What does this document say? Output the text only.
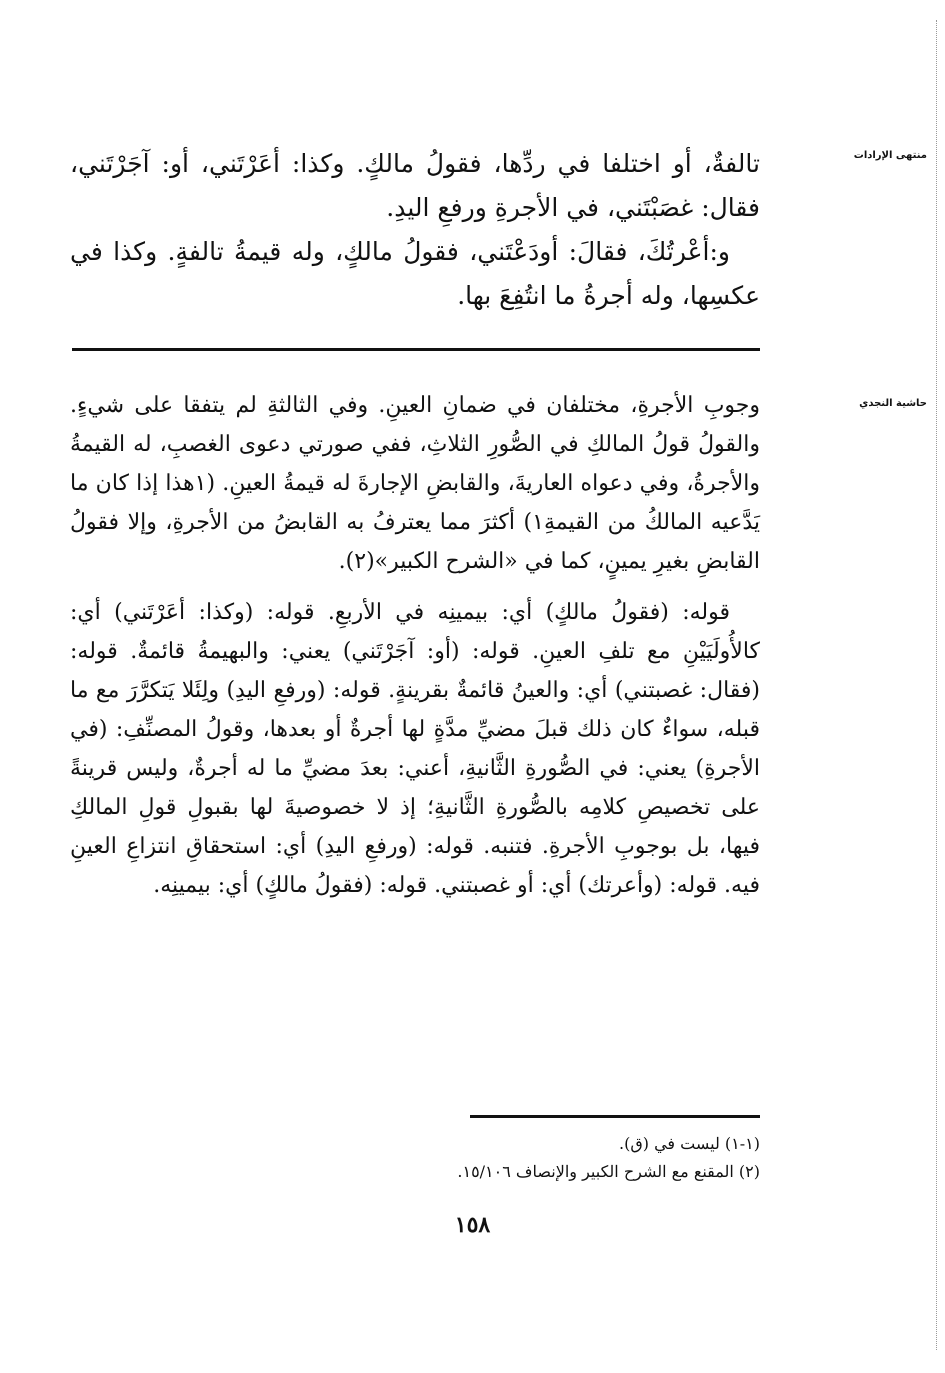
منتهى الإرادات

تالفةٌ، أو اختلفا في ردِّها، فقولُ مالكٍ. وكذا: أعَرْتَني، أو: آجَرْتَني، فقال: غصَبْتَني، في الأجرةِ ورفعِ اليدِ.

و:أعْرتُكَ، فقالَ: أودَعْتَني، فقولُ مالكٍ، وله قيمةُ تالفةٍ. وكذا في عكسِها، وله أجرةُ ما انتُفِعَ بها.

حاشية النجدي

وجوبِ الأجرةِ، مختلفان في ضمانِ العينِ. وفي الثالثةِ لم يتفقا على شيءٍ. والقولُ قولُ المالكِ في الصُّورِ الثلاثِ، ففي صورتي دعوى الغصبِ، له القيمةُ والأجرةُ، وفي دعواه العاريةَ، والقابضِ الإجارةَ له قيمةُ العينِ. (١هذا إذا كان ما يَدَّعيه المالكُ من القيمةِ١) أكثرَ مما يعترفُ به القابضُ من الأجرةِ، وإلا فقولُ القابضِ بغيرِ يمينٍ، كما في «الشرح الكبير»(٢).

قوله: (فقولُ مالكٍ) أي: بيمينِه في الأربعِ. قوله: (وكذا: أعَرْتَني) أي: كالأُولَيَيْنِ مع تلفِ العينِ. قوله: (أو: آجَرْتَني) يعني: والبهيمةُ قائمةٌ. قوله: (فقال: غصبتني) أي: والعينُ قائمةٌ بقرينةٍ. قوله: (ورفعِ اليدِ) ولِئَلا يَتكرَّرَ مع ما قبله، سواءٌ كان ذلك قبلَ مضيِّ مدَّةٍ لها أجرةٌ أو بعدها، وقولُ المصنِّفِ: (في الأجرةِ) يعني: في الصُّورةِ الثَّانيةِ، أعني: بعدَ مضيِّ ما له أجرةٌ، وليس قرينةً على تخصيصِ كلامِه بالصُّورةِ الثَّانيةِ؛ إذ لا خصوصيةَ لها بقبولِ قولِ المالكِ فيها، بل بوجوبِ الأجرةِ. فتنبه. قوله: (ورفعِ اليدِ) أي: استحقاقِ انتزاعِ العينِ فيه. قوله: (وأعرتك) أي: أو غصبتني. قوله: (فقولُ مالكٍ) أي: بيمينِه.

(١-١) ليست في (ق).
(٢) المقنع مع الشرح الكبير والإنصاف ١٥/١٠٦.
١٥٨
